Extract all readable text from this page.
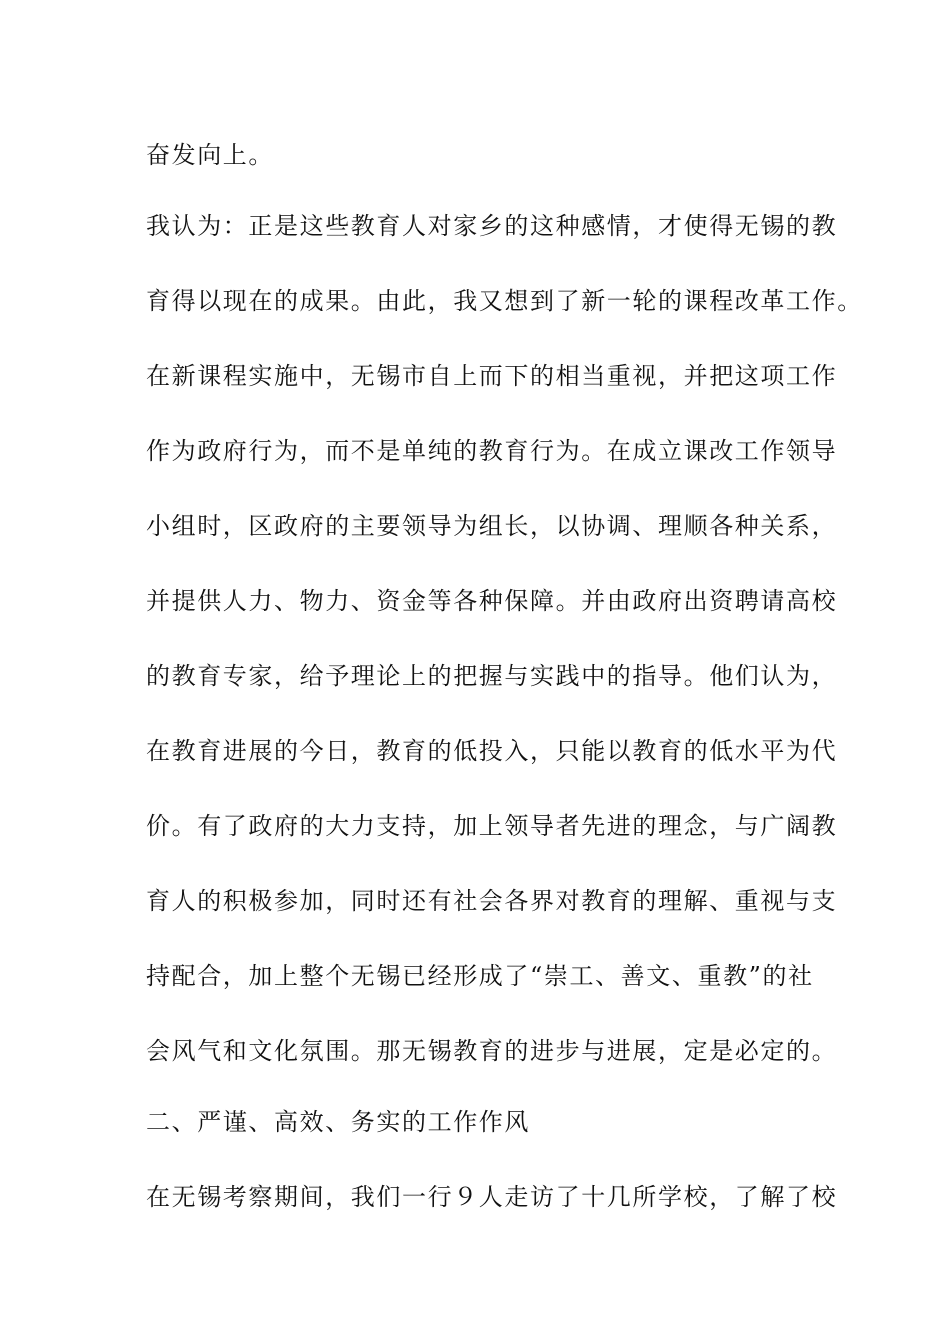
奋发向上。
我认为：正是这些教育人对家乡的这种感情，才使得无锡的教
育得以现在的成果。由此，我又想到了新一轮的课程改革工作。
在新课程实施中，无锡市自上而下的相当重视，并把这项工作
作为政府行为，而不是单纯的教育行为。在成立课改工作领导
小组时，区政府的主要领导为组长，以协调、理顺各种关系，
并提供人力、物力、资金等各种保障。并由政府出资聘请高校
的教育专家，给予理论上的把握与实践中的指导。他们认为，
在教育进展的今日，教育的低投入，只能以教育的低水平为代
价。有了政府的大力支持，加上领导者先进的理念，与广阔教
育人的积极参加，同时还有社会各界对教育的理解、重视与支
持配合，加上整个无锡已经形成了“崇工、善文、重教”的社
会风气和文化氛围。那无锡教育的进步与进展，定是必定的。
二、严谨、高效、务实的工作作风
在无锡考察期间，我们一行９人走访了十几所学校，了解了校
